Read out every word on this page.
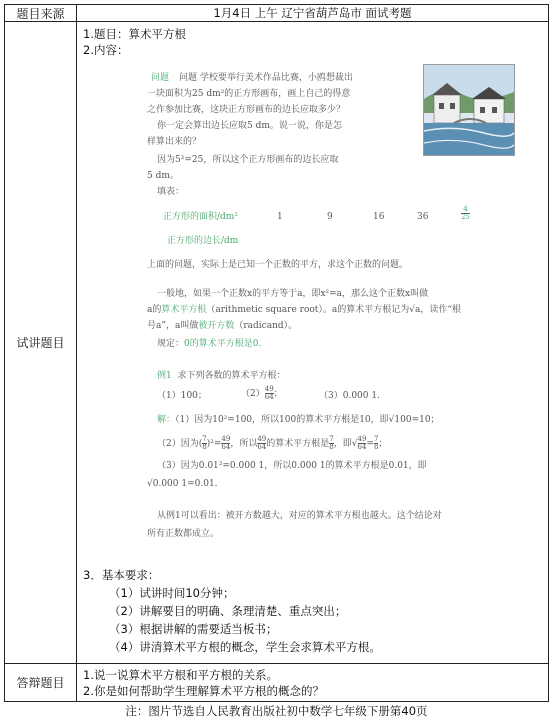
题目来源	1月4日 上午 辽宁省葫芦岛市 面试考题
试讲题目
1.题目：算术平方根
2.内容：
问题 问题 学校要举行美术作品比赛，小鸥想裁出
一块面积为25 dm²的正方形画布，画上自己的得意
之作参加比赛，这块正方形画布的边长应取多少？
你一定会算出边长应取5 dm。说一说，你是怎
样算出来的？
因为5²=25，所以这个正方形画布的边长应取
5 dm。
填表：
正方形的面积/dm²	1	9	16	36	$\frac{4}{25}$
正方形的边长/dm
上面的问题，实际上是已知一个正数的平方，求这个正数的问题。
一般地，如果一个正数x的平方等于a，即x²=a，那么这个正数x叫做
a的算术平方根（arithmetic square root）。a的算术平方根记为√a，读作“根
号a”，a叫做被开方数（radicand）。
规定：0的算术平方根是0.
例1 求下列各数的算术平方根：
（1）100；	$(2) \frac{49}{64}$ ；	（3）0.000 1.
解：（1）因为10²=100，所以100的算术平方根是10，即√100=10；
（2）因为( $\frac{7}{8} )^2= \frac{49}{64}$ ，所以 $\frac{49}{64}$ 的算术平方根是 $\frac{7}{8}$ ，即√ $\frac{49}{64} = \frac{7}{8}$ ；
（3）因为0.01²=0.000 1，所以0.000 1的算术平方根是0.01，即
√0.000 1=0.01.
从例1可以看出：被开方数越大，对应的算术平方根也越大。这个结论对
所有正数都成立。
3．基本要求：
（1）试讲时间10分钟；
（2）讲解要目的明确、条理清楚、重点突出；
（3）根据讲解的需要适当板书；
（4）讲清算术平方根的概念，学生会求算术平方根。
答辩题目
1.说一说算术平方根和平方根的关系。
2.你是如何帮助学生理解算术平方根的概念的？
注：图片节选自人民教育出版社初中数学七年级下册第40页
